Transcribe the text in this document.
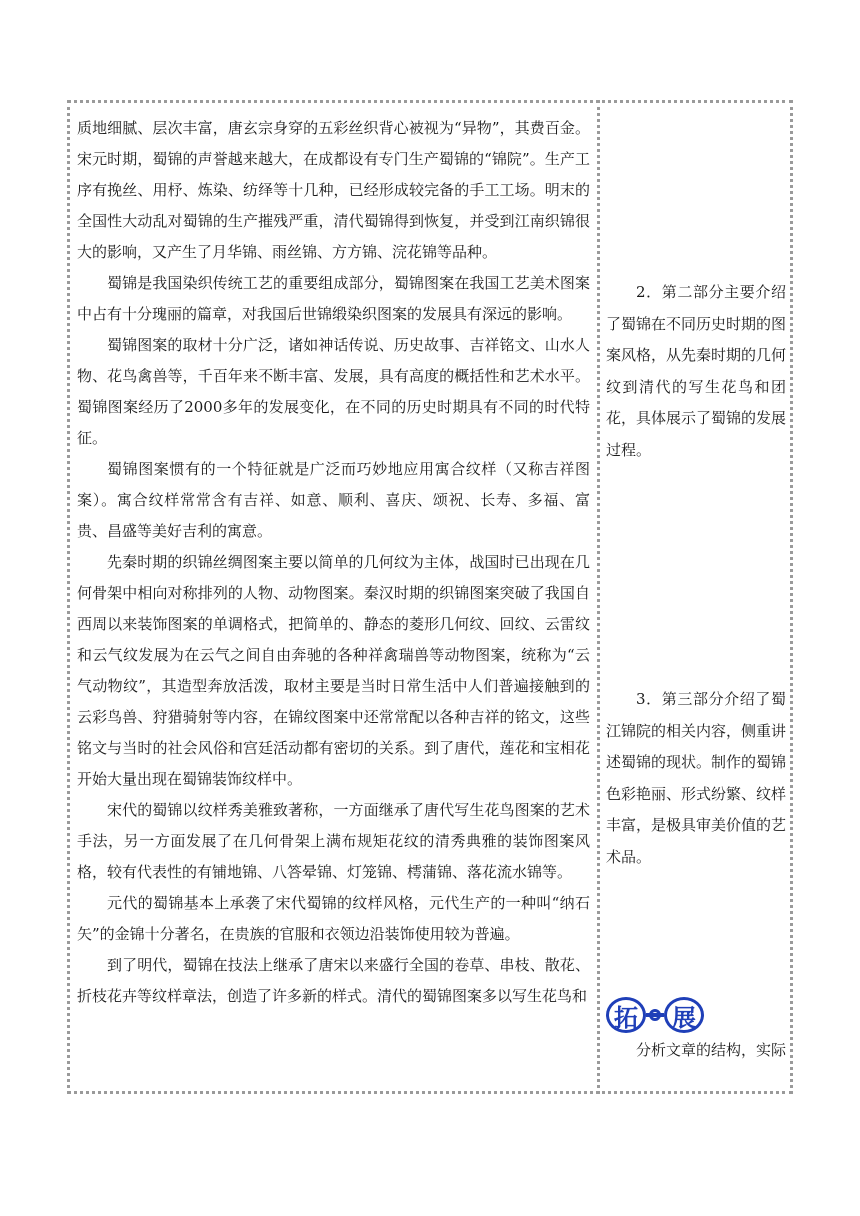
质地细腻、层次丰富，唐玄宗身穿的五彩丝织背心被视为“异物”，其费百金。宋元时期，蜀锦的声誉越来越大，在成都设有专门生产蜀锦的“锦院”。生产工序有挽丝、用杼、炼染、纺绎等十几种，已经形成较完备的手工工场。明末的全国性大动乱对蜀锦的生产摧残严重，清代蜀锦得到恢复，并受到江南织锦很大的影响，又产生了月华锦、雨丝锦、方方锦、浣花锦等品种。

蜀锦是我国染织传统工艺的重要组成部分，蜀锦图案在我国工艺美术图案中占有十分瑰丽的篇章，对我国后世锦缎染织图案的发展具有深远的影响。

蜀锦图案的取材十分广泛，诸如神话传说、历史故事、吉祥铭文、山水人物、花鸟禽兽等，千百年来不断丰富、发展，具有高度的概括性和艺术水平。蜀锦图案经历了2000多年的发展变化，在不同的历史时期具有不同的时代特征。

蜀锦图案惯有的一个特征就是广泛而巧妙地应用寓合纹样（又称吉祥图案）。寓合纹样常常含有吉祥、如意、顺利、喜庆、颂祝、长寿、多福、富贵、昌盛等美好吉利的寓意。

先秦时期的织锦丝绸图案主要以简单的几何纹为主体，战国时已出现在几何骨架中相向对称排列的人物、动物图案。秦汉时期的织锦图案突破了我国自西周以来装饰图案的单调格式，把简单的、静态的菱形几何纹、回纹、云雷纹和云气纹发展为在云气之间自由奔驰的各种祥禽瑞兽等动物图案，统称为“云气动物纹”，其造型奔放活泼，取材主要是当时日常生活中人们普遍接触到的云彩鸟兽、狩猎骑射等内容，在锦纹图案中还常常配以各种吉祥的铭文，这些铭文与当时的社会风俗和宫廷活动都有密切的关系。到了唐代，莲花和宝相花开始大量出现在蜀锦装饰纹样中。

宋代的蜀锦以纹样秀美雅致著称，一方面继承了唐代写生花鸟图案的艺术手法，另一方面发展了在几何骨架上满布规矩花纹的清秀典雅的装饰图案风格，较有代表性的有铺地锦、八答晕锦、灯笼锦、樗蒲锦、落花流水锦等。

元代的蜀锦基本上承袭了宋代蜀锦的纹样风格，元代生产的一种叫“纳石矢”的金锦十分著名，在贵族的官服和衣领边沿装饰使用较为普遍。

到了明代，蜀锦在技法上继承了唐宋以来盛行全国的卷草、串枝、散花、折枝花卉等纹样章法，创造了许多新的样式。清代的蜀锦图案多以写生花鸟和

2．第二部分主要介绍了蜀锦在不同历史时期的图案风格，从先秦时期的几何纹到清代的写生花鸟和团花，具体展示了蜀锦的发展过程。

3．第三部分介绍了蜀江锦院的相关内容，侧重讲述蜀锦的现状。制作的蜀锦色彩艳丽、形式纷繁、纹样丰富，是极具审美价值的艺术品。

拓	展

分析文章的结构，实际
